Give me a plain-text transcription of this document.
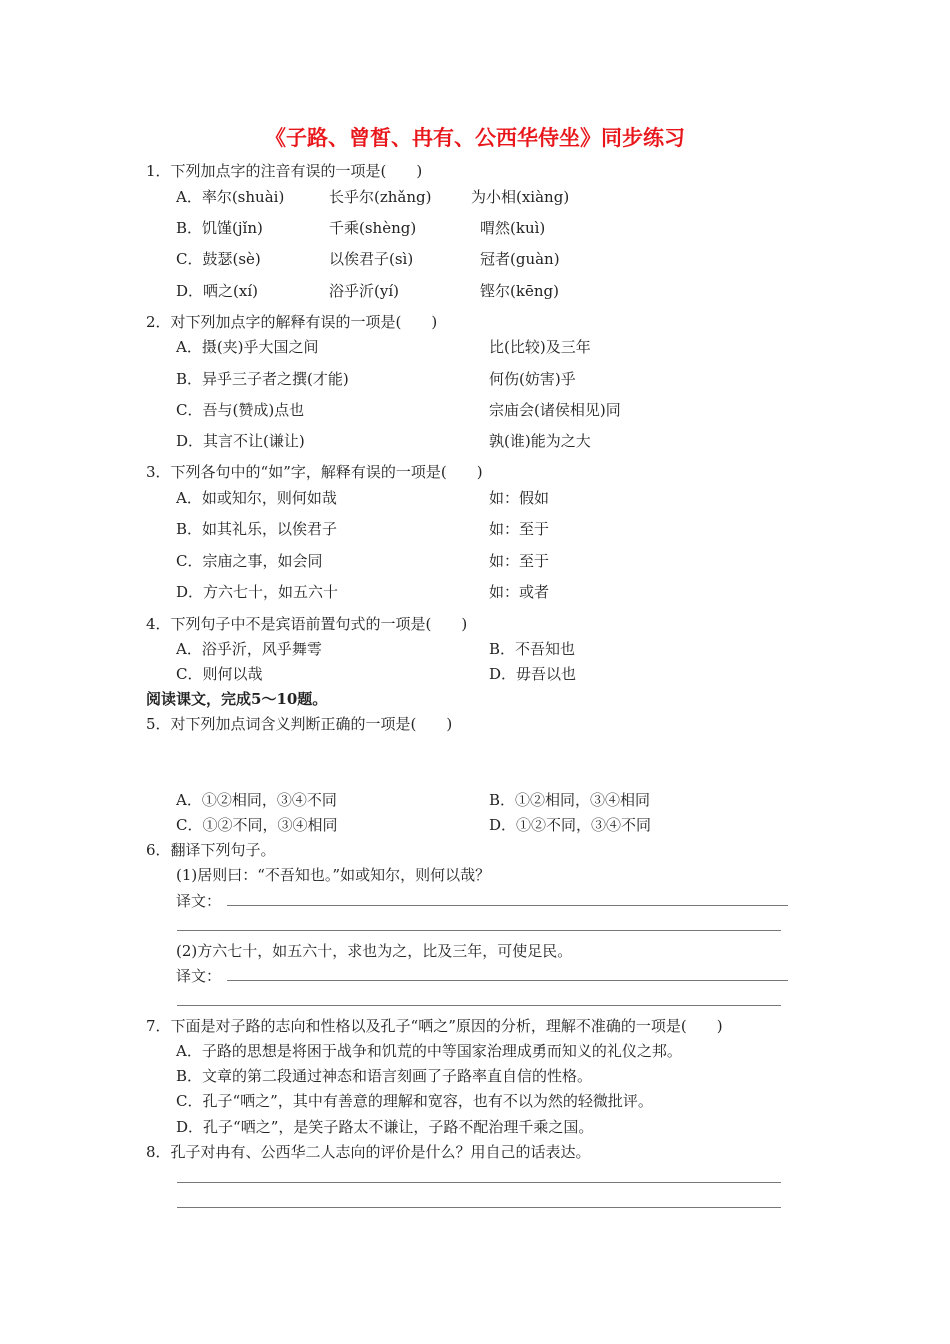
《子路、曾皙、冉有、公西华侍坐》同步练习
1．下列加点字的注音有误的一项是(　　)
A．率尔(shuài)	长乎尔(zhǎng)	为小相(xiàng)
B．饥馑(jǐn)	千乘(shèng)	喟然(kuì)
C．鼓瑟(sè)	以俟君子(sì)	冠者(guàn)
D．哂之(xí)	浴乎沂(yí)	铿尔(kēng)
2．对下列加点字的解释有误的一项是(　　)
A．摄(夹)乎大国之间	比(比较)及三年
B．异乎三子者之撰(才能)	何伤(妨害)乎
C．吾与(赞成)点也	宗庙会(诸侯相见)同
D．其言不让(谦让)	孰(谁)能为之大
3．下列各句中的“如”字，解释有误的一项是(　　)
A．如或知尔，则何如哉	如：假如
B．如其礼乐，以俟君子	如：至于
C．宗庙之事，如会同	如：至于
D．方六七十，如五六十	如：或者
4．下列句子中不是宾语前置句式的一项是(　　)
A．浴乎沂，风乎舞雩	B．不吾知也
C．则何以哉	D．毋吾以也
阅读课文，完成5～10题。
5．对下列加点词含义判断正确的一项是(　　)
A．①②相同，③④不同	B．①②相同，③④相同
C．①②不同，③④相同	D．①②不同，③④不同
6．翻译下列句子。
(1)居则曰：“不吾知也。”如或知尔，则何以哉？
译文：
(2)方六七十，如五六十，求也为之，比及三年，可使足民。
译文：
7．下面是对子路的志向和性格以及孔子“哂之”原因的分析，理解不准确的一项是(　　)
A．子路的思想是将困于战争和饥荒的中等国家治理成勇而知义的礼仪之邦。
B．文章的第二段通过神态和语言刻画了子路率直自信的性格。
C．孔子“哂之”，其中有善意的理解和宽容，也有不以为然的轻微批评。
D．孔子“哂之”，是笑子路太不谦让，子路不配治理千乘之国。
8．孔子对冉有、公西华二人志向的评价是什么？用自己的话表达。
